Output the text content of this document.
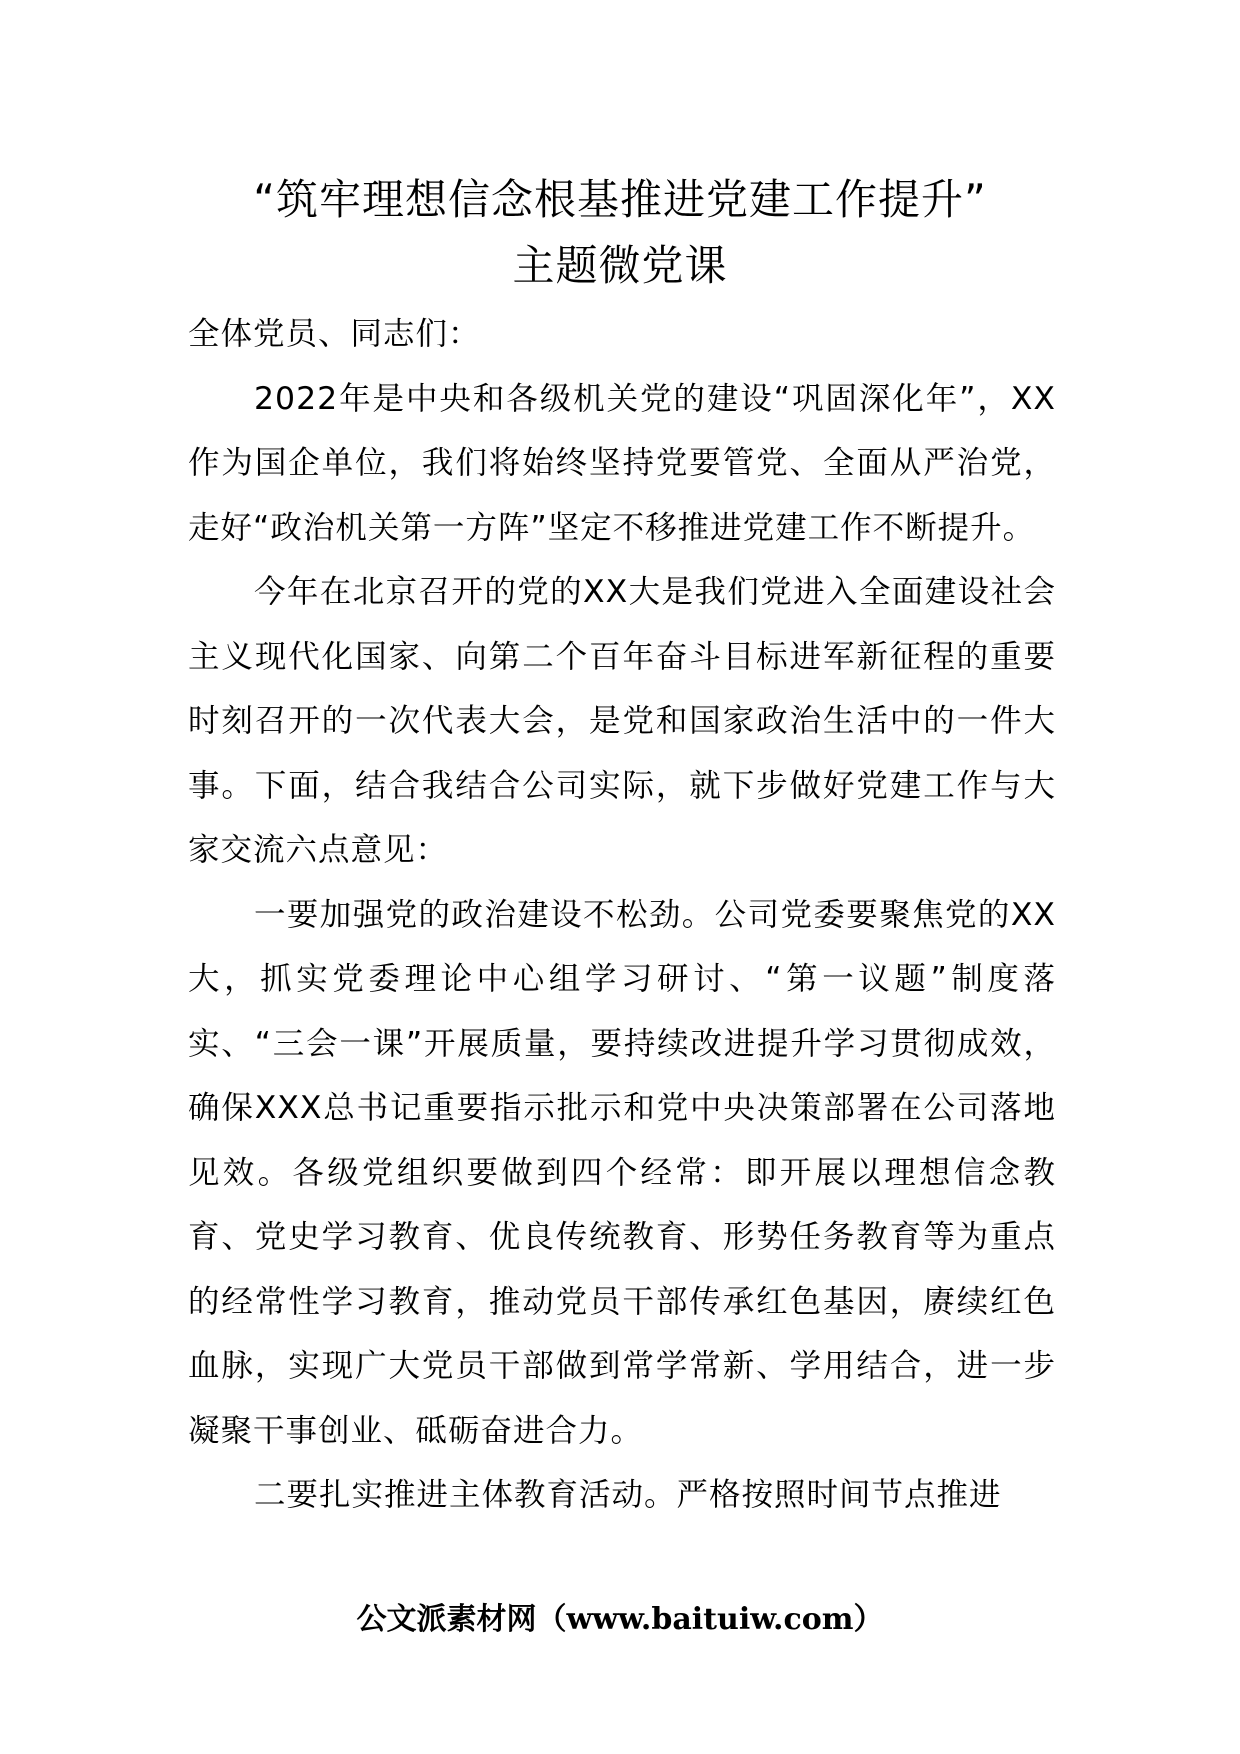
“筑牢理想信念根基推进党建工作提升”
主题微党课

全体党员、同志们：

2022年是中央和各级机关党的建设“巩固深化年”，XX作为国企单位，我们将始终坚持党要管党、全面从严治党，走好“政治机关第一方阵”坚定不移推进党建工作不断提升。

今年在北京召开的党的XX大是我们党进入全面建设社会主义现代化国家、向第二个百年奋斗目标进军新征程的重要时刻召开的一次代表大会，是党和国家政治生活中的一件大事。下面，结合我结合公司实际，就下步做好党建工作与大家交流六点意见：

一要加强党的政治建设不松劲。公司党委要聚焦党的XX大，抓实党委理论中心组学习研讨、“第一议题”制度落实、“三会一课”开展质量，要持续改进提升学习贯彻成效，确保XXX总书记重要指示批示和党中央决策部署在公司落地见效。各级党组织要做到四个经常：即开展以理想信念教育、党史学习教育、优良传统教育、形势任务教育等为重点的经常性学习教育，推动党员干部传承红色基因，赓续红色血脉，实现广大党员干部做到常学常新、学用结合，进一步凝聚干事创业、砥砺奋进合力。

二要扎实推进主体教育活动。严格按照时间节点推进

公文派素材网（www.baituiw.com）
